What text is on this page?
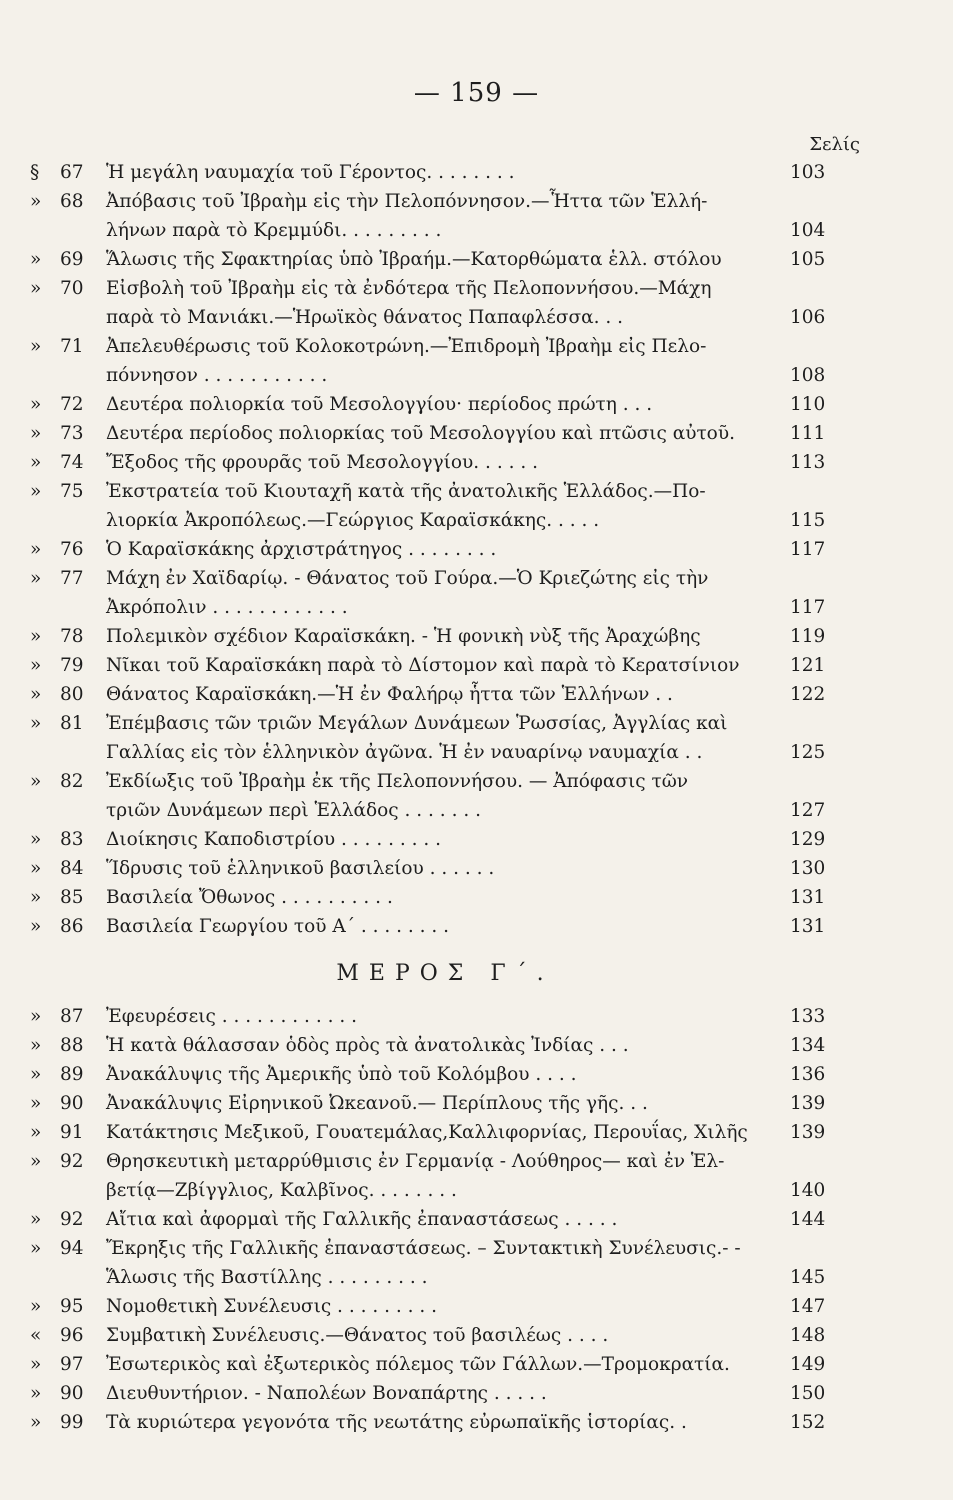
— 159 —
Σελίς
§	67	Ἡ μεγάλη ναυμαχία τοῦ Γέροντος. . . . . . . .	103
»	68	Ἀπόβασις τοῦ Ἰβραὴμ εἰς τὴν Πελοπόννησον.—Ἧττα τῶν Ἑλλή-
λήνων παρὰ τὸ Κρεμμύδι. . . . . . . . .	104
»	69	Ἅλωσις τῆς Σφακτηρίας ὑπὸ Ἰβραήμ.—Κατορθώματα ἑλλ. στόλου	105
»	70	Εἰσβολὴ τοῦ Ἰβραὴμ εἰς τὰ ἐνδότερα τῆς Πελοποννήσου.—Μάχη
παρὰ τὸ Μανιάκι.—Ἡρωϊκὸς θάνατος Παπαφλέσσα. . .	106
»	71	Ἀπελευθέρωσις τοῦ Κολοκοτρώνη.—Ἐπιδρομὴ Ἰβραὴμ εἰς Πελο-
πόννησον . . . . . . . . . . .	108
»	72	Δευτέρα πολιορκία τοῦ Μεσολογγίου· περίοδος πρώτη . . .	110
»	73	Δευτέρα περίοδος πολιορκίας τοῦ Μεσολογγίου καὶ πτῶσις αὐτοῦ.	111
»	74	Ἔξοδος τῆς φρουρᾶς τοῦ Μεσολογγίου. . . . . .	113
»	75	Ἐκστρατεία τοῦ Κιουταχῆ κατὰ τῆς ἀνατολικῆς Ἑλλάδος.—Πο-
λιορκία Ἀκροπόλεως.—Γεώργιος Καραϊσκάκης. . . . .	115
»	76	Ὁ Καραϊσκάκης ἀρχιστράτηγος . . . . . . . .	117
»	77	Μάχη ἐν Χαϊδαρίῳ. - Θάνατος τοῦ Γούρα.—Ὁ Κριεζώτης εἰς τὴν
Ἀκρόπολιν . . . . . . . . . . . .	117
»	78	Πολεμικὸν σχέδιον Καραϊσκάκη. - Ἡ φονικὴ νὺξ τῆς Ἀραχώβης	119
»	79	Νῖκαι τοῦ Καραϊσκάκη παρὰ τὸ Δίστομον καὶ παρὰ τὸ Κερατσίνιον	121
»	80	Θάνατος Καραϊσκάκη.—Ἡ ἐν Φαλήρῳ ἧττα τῶν Ἑλλήνων . .	122
»	81	Ἐπέμβασις τῶν τριῶν Μεγάλων Δυνάμεων Ῥωσσίας, Ἀγγλίας καὶ
Γαλλίας εἰς τὸν ἑλληνικὸν ἀγῶνα. Ἡ ἐν ναυαρίνῳ ναυμαχία . .	125
»	82	Ἐκδίωξις τοῦ Ἰβραὴμ ἐκ τῆς Πελοποννήσου. — Ἀπόφασις τῶν
τριῶν Δυνάμεων περὶ Ἑλλάδος . . . . . . .	127
»	83	Διοίκησις Καποδιστρίου . . . . . . . . .	129
»	84	Ἵδρυσις τοῦ ἑλληνικοῦ βασιλείου . . . . . .	130
»	85	Βασιλεία Ὄθωνος . . . . . . . . . .	131
»	86	Βασιλεία Γεωργίου τοῦ Α΄ . . . . . . . .	131
ΜΕΡΟΣ Γ΄.
»	87	Ἐφευρέσεις . . . . . . . . . . . .	133
»	88	Ἡ κατὰ θάλασσαν ὁδὸς πρὸς τὰ ἀνατολικὰς Ἰνδίας . . .	134
»	89	Ἀνακάλυψις τῆς Ἀμερικῆς ὑπὸ τοῦ Κολόμβου . . . .	136
»	90	Ἀνακάλυψις Εἰρηνικοῦ Ὠκεανοῦ.— Περίπλους τῆς γῆς. . .	139
»	91	Κατάκτησις Μεξικοῦ, Γουατεμάλας,Καλλιφορνίας, Περουΐας, Χιλῆς	139
»	92	Θρησκευτικὴ μεταρρύθμισις ἐν Γερμανίᾳ - Λούθηρος— καὶ ἐν Ἑλ-
βετίᾳ—Ζβίγγλιος, Καλβῖνος. . . . . . . .	140
»	92	Αἴτια καὶ ἀφορμαὶ τῆς Γαλλικῆς ἐπαναστάσεως . . . . .	144
»	94	Ἔκρηξις τῆς Γαλλικῆς ἐπαναστάσεως. – Συντακτικὴ Συνέλευσις.- -
Ἅλωσις τῆς Βαστίλλης . . . . . . . . .	145
»	95	Νομοθετικὴ Συνέλευσις . . . . . . . . .	147
«	96	Συμβατικὴ Συνέλευσις.—Θάνατος τοῦ βασιλέως . . . .	148
»	97	Ἐσωτερικὸς καὶ ἐξωτερικὸς πόλεμος τῶν Γάλλων.—Τρομοκρατία.	149
»	90	Διευθυντήριον. - Ναπολέων Βοναπάρτης . . . . .	150
»	99	Τὰ κυριώτερα γεγονότα τῆς νεωτάτης εὐρωπαϊκῆς ἱστορίας. .	152
